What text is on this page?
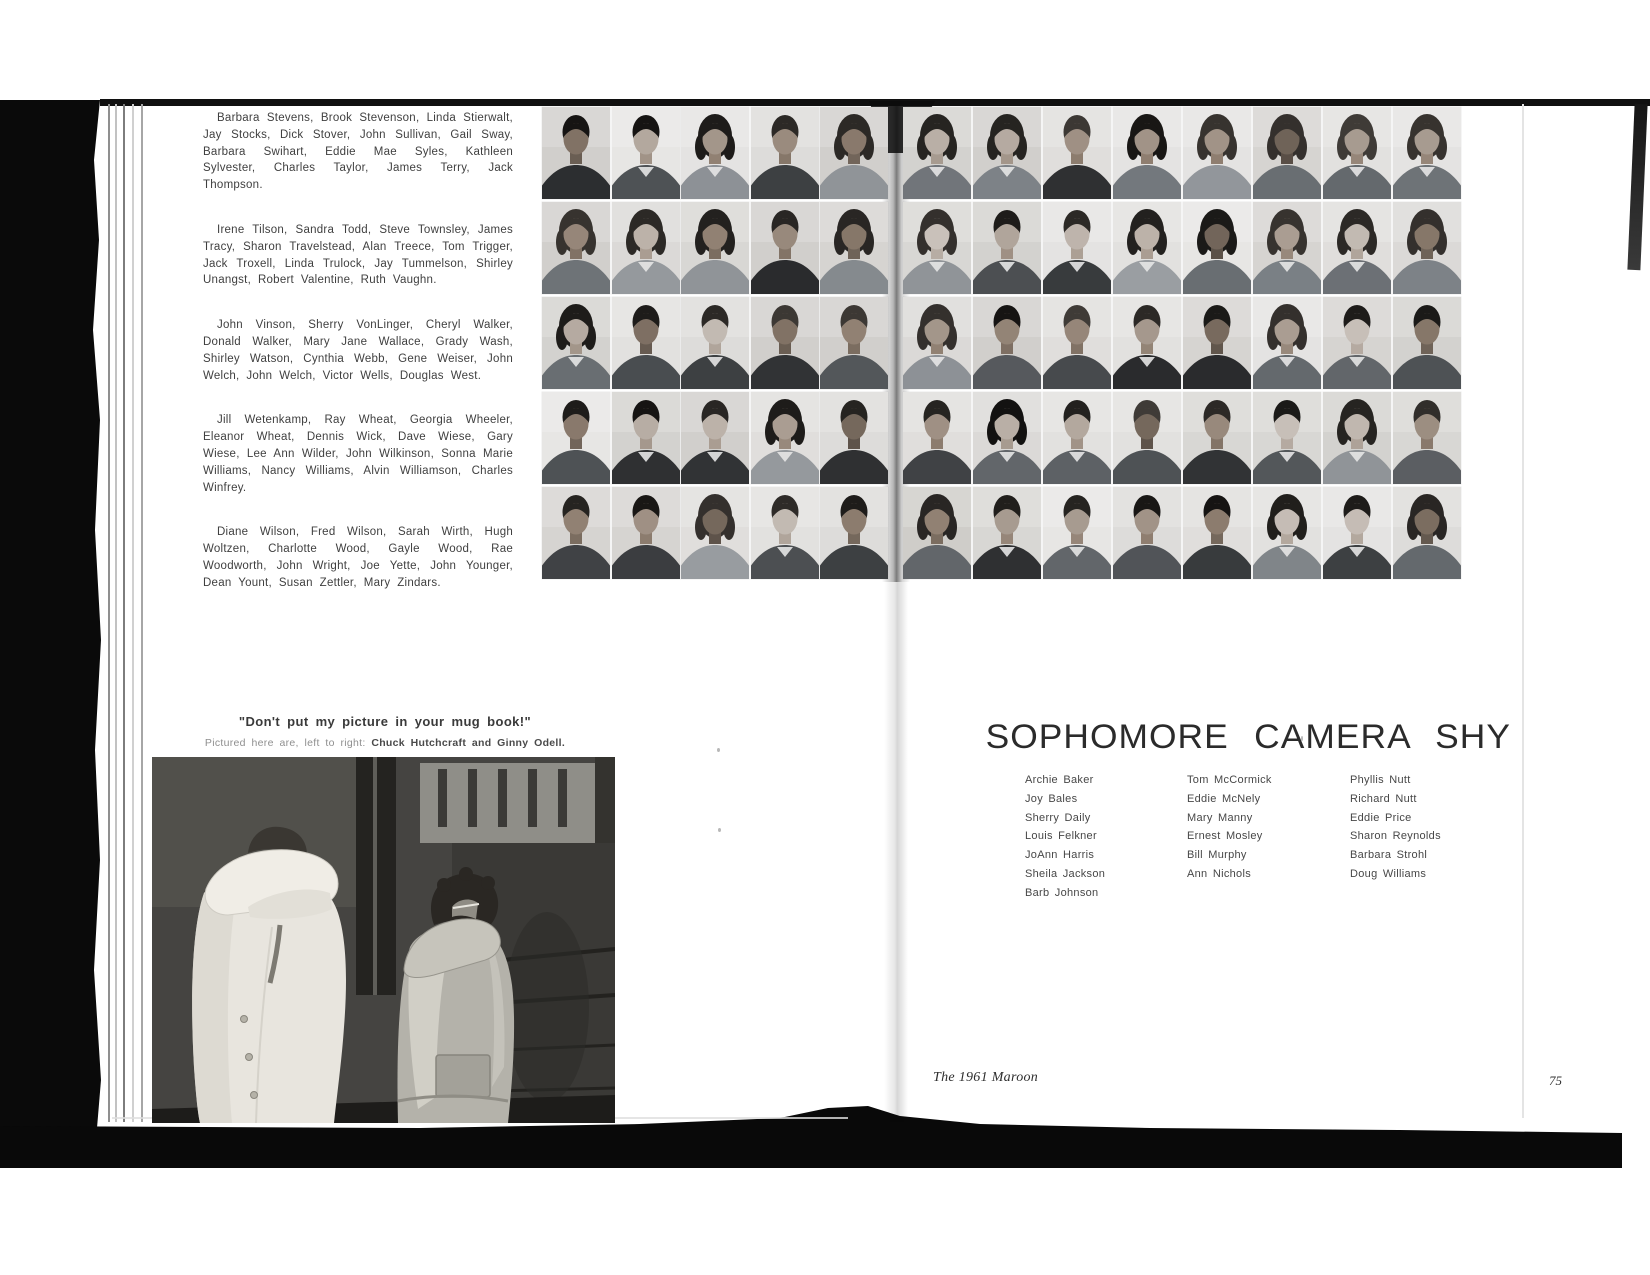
Barbara Stevens, Brook Stevenson, Linda Stierwalt, Jay Stocks, Dick Stover, John Sullivan, Gail Sway, Barbara Swihart, Eddie Mae Syles, Kathleen Sylvester, Charles Taylor, James Terry, Jack Thompson.

Irene Tilson, Sandra Todd, Steve Townsley, James Tracy, Sharon Travelstead, Alan Treece, Tom Trigger, Jack Troxell, Linda Trulock, Jay Tummelson, Shirley Unangst, Robert Valentine, Ruth Vaughn.

John Vinson, Sherry VonLinger, Cheryl Walker, Donald Walker, Mary Jane Wallace, Grady Wash, Shirley Watson, Cynthia Webb, Gene Weiser, John Welch, John Welch, Victor Wells, Douglas West.

Jill Wetenkamp, Ray Wheat, Georgia Wheeler, Eleanor Wheat, Dennis Wick, Dave Wiese, Gary Wiese, Lee Ann Wilder, John Wilkinson, Sonna Marie Williams, Nancy Williams, Alvin Williamson, Charles Winfrey.

Diane Wilson, Fred Wilson, Sarah Wirth, Hugh Woltzen, Charlotte Wood, Gayle Wood, Rae Woodworth, John Wright, Joe Yette, John Younger, Dean Yount, Susan Zettler, Mary Zindars.

"Don't put my picture in your mug book!"
Pictured here are, left to right: Chuck Hutchcraft and Ginny Odell.	SOPHOMORE CAMERA SHY
Archie Baker
Joy Bales
Sherry Daily
Louis Felkner
JoAnn Harris
Sheila Jackson
Barb Johnson
Tom McCormick
Eddie McNely
Mary Manny
Ernest Mosley
Bill Murphy
Ann Nichols
Phyllis Nutt
Richard Nutt
Eddie Price
Sharon Reynolds
Barbara Strohl
Doug Williams
The 1961 Maroon	75
